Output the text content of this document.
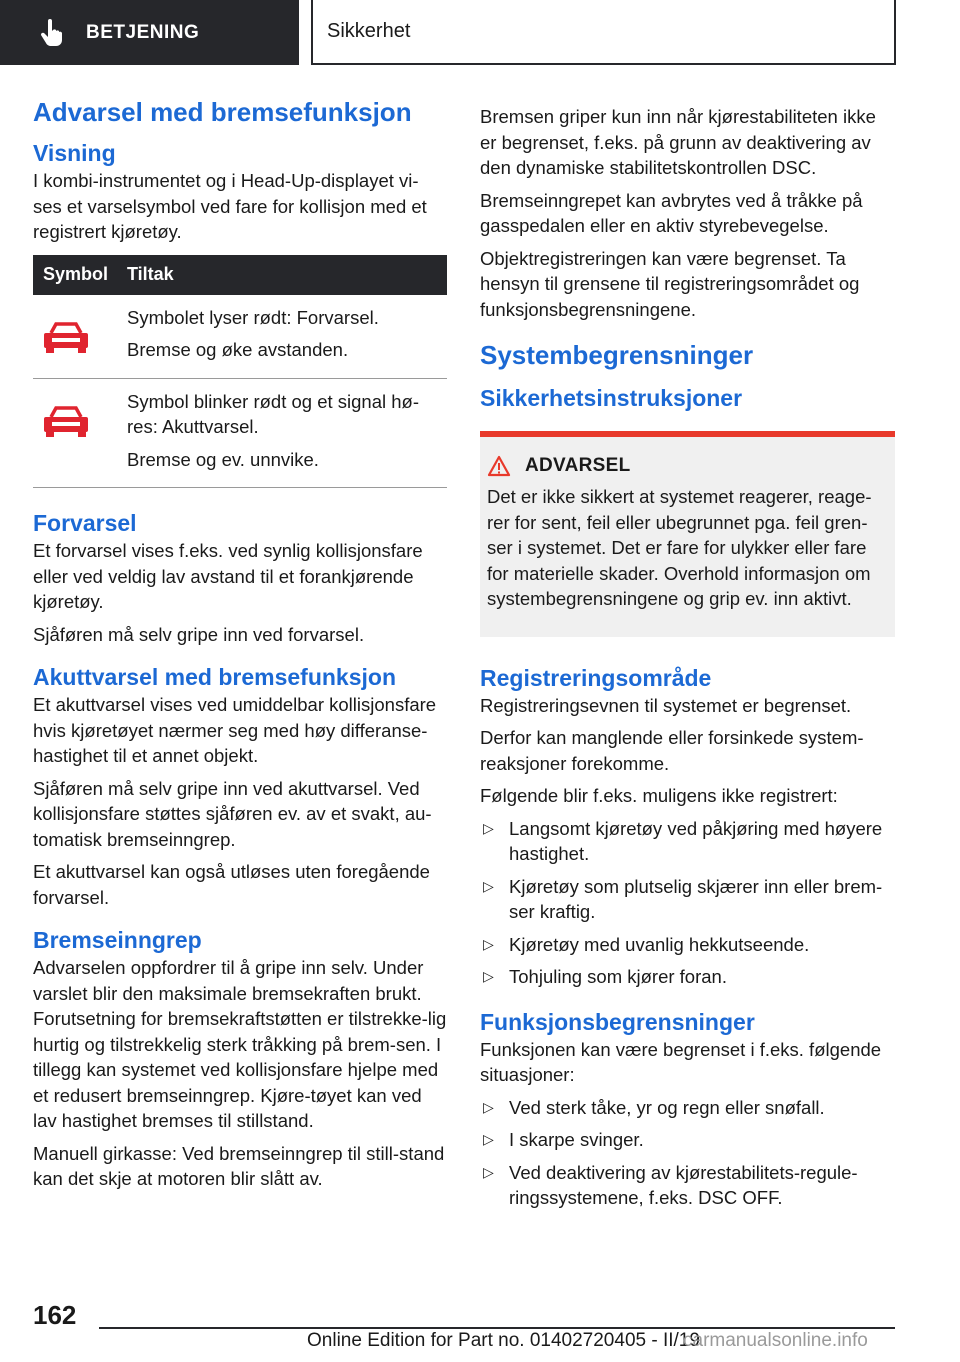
BETJENING	Sikkerhet
Advarsel med bremsefunksjon
Visning
I kombi-instrumentet og i Head-Up-displayet vi-ses et varselsymbol ved fare for kollisjon med et registrert kjøretøy.
Symbol	Tiltak

Symbolet lyser rødt: Forvarsel.
Bremse og øke avstanden.

Symbol blinker rødt og et signal hø-res: Akuttvarsel.
Bremse og ev. unnvike.
Forvarsel
Et forvarsel vises f.eks. ved synlig kollisjonsfare eller ved veldig lav avstand til et forankjørende kjøretøy.
Sjåføren må selv gripe inn ved forvarsel.
Akuttvarsel med bremsefunksjon
Et akuttvarsel vises ved umiddelbar kollisjonsfare hvis kjøretøyet nærmer seg med høy differanse-hastighet til et annet objekt.
Sjåføren må selv gripe inn ved akuttvarsel. Ved kollisjonsfare støttes sjåføren ev. av et svakt, au-tomatisk bremseinngrep.
Et akuttvarsel kan også utløses uten foregående forvarsel.
Bremseinngrep
Advarselen oppfordrer til å gripe inn selv. Under varslet blir den maksimale bremsekraften brukt. Forutsetning for bremsekraftstøtten er tilstrekke-lig hurtig og tilstrekkelig sterk tråkking på brem-sen. I tillegg kan systemet ved kollisjonsfare hjelpe med et redusert bremseinngrep. Kjøre-tøyet kan ved lav hastighet bremses til stillstand.
Manuell girkasse: Ved bremseinngrep til still-stand kan det skje at motoren blir slått av.
Bremsen griper kun inn når kjørestabiliteten ikke er begrenset, f.eks. på grunn av deaktivering av den dynamiske stabilitetskontrollen DSC.
Bremseinngrepet kan avbrytes ved å tråkke på gasspedalen eller en aktiv styrebevegelse.
Objektregistreringen kan være begrenset. Ta hensyn til grensene til registreringsområdet og funksjonsbegrensningene.
Systembegrensninger
Sikkerhetsinstruksjoner
ADVARSEL
Det er ikke sikkert at systemet reagerer, reage-rer for sent, feil eller ubegrunnet pga. feil gren-ser i systemet. Det er fare for ulykker eller fare for materielle skader. Overhold informasjon om systembegrensningene og grip ev. inn aktivt.
Registreringsområde
Registreringsevnen til systemet er begrenset.
Derfor kan manglende eller forsinkede system-reaksjoner forekomme.
Følgende blir f.eks. muligens ikke registrert:
▷ Langsomt kjøretøy ved påkjøring med høyere hastighet.
▷ Kjøretøy som plutselig skjærer inn eller brem-ser kraftig.
▷ Kjøretøy med uvanlig hekkutseende.
▷ Tohjuling som kjører foran.
Funksjonsbegrensninger
Funksjonen kan være begrenset i f.eks. følgende situasjoner:
▷ Ved sterk tåke, yr og regn eller snøfall.
▷ I skarpe svinger.
▷ Ved deaktivering av kjørestabilitets-regule-ringssystemene, f.eks. DSC OFF.
162
Online Edition for Part no. 01402720405 - II/19
carmanualsonline.info
